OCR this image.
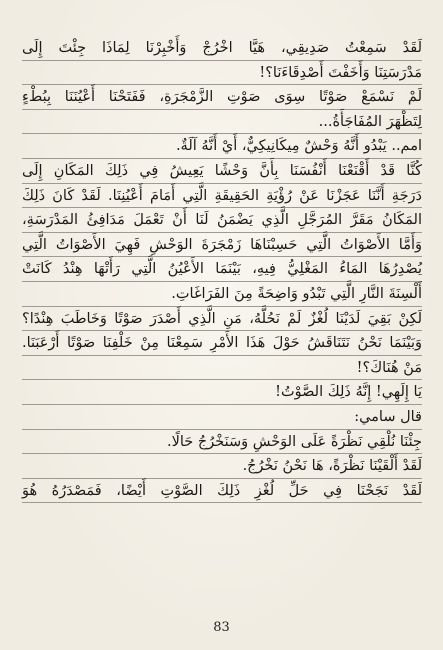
لَقَدْ سَمِعْتُ صَدِيقِي، هَيَّا اخْرُجْ وَأَخْبِرْنَا لِمَاذَا جِئْتَ إِلَى
مَدْرَسَتِنَا وَأَخَفْتَ أَصْدِقَاءَنَا؟!
لَمْ نَسْمَعْ صَوْتًا سِوَى صَوْتِ الزَّمْجَرَةِ، فَفَتَحْنَا أَعْيُنَنَا بِبُطْءٍ
لِتَظْهَرَ المُفَاجَأَةُ...
امم.. يَبْدُو أَنَّهُ وَحْشٌ مِيكَانِيكِيٌّ، أَيْ أَنَّهُ آلَةٌ.
كُنَّا قَدْ أَقْنَعْنَا أَنْفُسَنَا بِأَنَّ وَحْشًا يَعِيشُ فِي ذَلِكَ المَكَانِ إِلَى
دَرَجَةِ أَنَّنَا عَجَزْنَا عَنْ رُؤْيَةِ الحَقِيقَةِ الَّتِي أَمَامَ أَعْيُنِنَا. لَقَدْ كَانَ ذَلِكَ
المَكَانُ مَقَرَّ المُرَجَّلِ الَّذِي يَضْمَنُ لَنَا أَنْ تَعْمَلَ مَدَافِئُ المَدْرَسَةِ،
وَأَمَّا الأَصْوَاتُ الَّتِي حَسِبْنَاهَا زَمْجَرَةَ الوَحْشِ فَهِيَ الأَصْوَاتُ الَّتِي
يُصْدِرُهَا المَاءُ المَغْلِيُّ فِيهِ، بَيْنَمَا الأَعْيُنُ الَّتِي رَأَتْهَا هِنْدُ كَانَتْ
أَلْسِنَةَ النَّارِ الَّتِي تَبْدُو وَاضِحَةً مِنَ الفَرَاغَاتِ.
لَكِنْ بَقِيَ لَدَيْنَا لُغْزٌ لَمْ نَحُلَّهُ، مَنِ الَّذِي أَصْدَرَ صَوْتًا وَخَاطَبَ هِنْدًا؟
وَبَيْنَمَا نَحْنُ نَتَنَاقَشُ حَوْلَ هَذَا الأَمْرِ سَمِعْنَا مِنْ خَلْفِنَا صَوْتًا أَرْعَبَنَا.
مَنْ هُنَاكَ؟!
يَا إِلَهِي! إِنَّهُ ذَلِكَ الصَّوْتُ!
قال سامي:
جِئْنَا نُلْقِي نَظْرَةً عَلَى الوَحْشِ وَسَنَخْرُجُ حَالًا.
لَقَدْ أَلْقَيْنَا نَظْرَةً، هَا نَحْنُ نَخْرُجُ.
لَقَدْ نَجَحْنَا فِي حَلِّ لُغْزِ ذَلِكَ الصَّوْتِ أَيْضًا، فَمَصْدَرُهُ هُوَ
83
